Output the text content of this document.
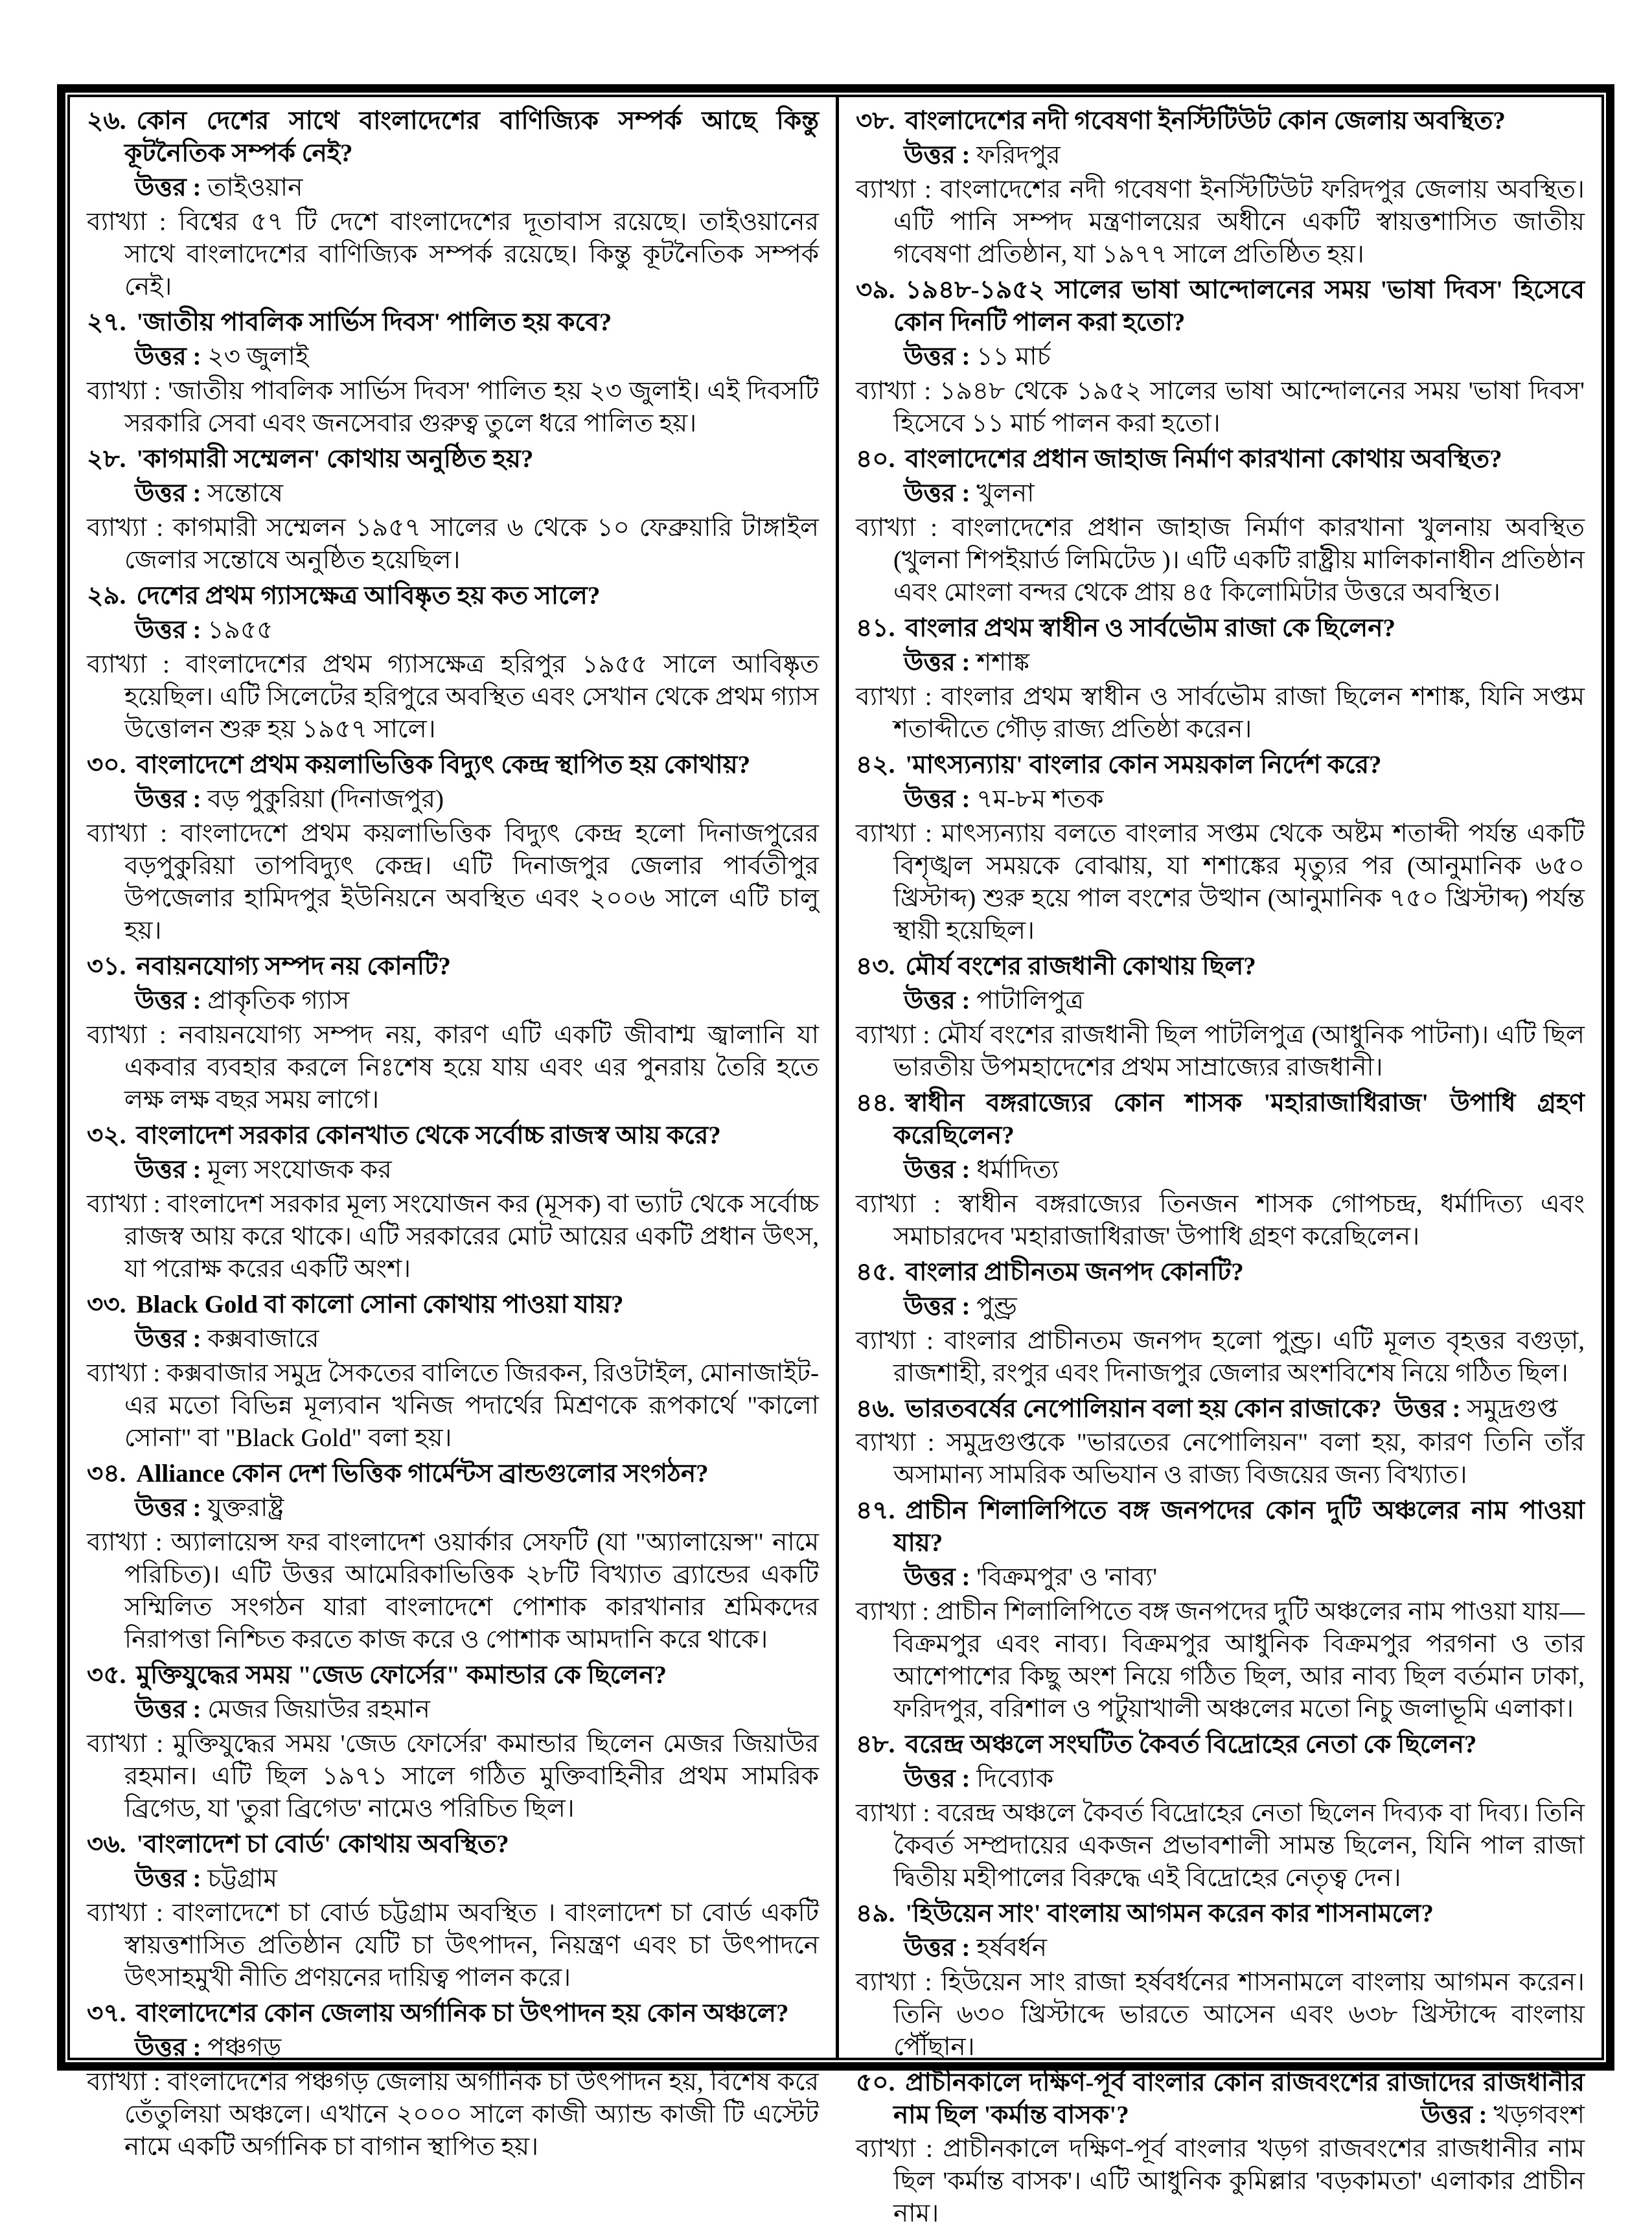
২৬. কোন দেশের সাথে বাংলাদেশের বাণিজ্যিক সম্পর্ক আছে কিন্তু কূটনৈতিক সম্পর্ক নেই?
উত্তর : তাইওয়ান
ব্যাখ্যা : বিশ্বের ৫৭ টি দেশে বাংলাদেশের দূতাবাস রয়েছে। তাইওয়ানের সাথে বাংলাদেশের বাণিজ্যিক সম্পর্ক রয়েছে। কিন্তু কূটনৈতিক সম্পর্ক নেই।
২৭. 'জাতীয় পাবলিক সার্ভিস দিবস' পালিত হয় কবে?
উত্তর : ২৩ জুলাই
ব্যাখ্যা : 'জাতীয় পাবলিক সার্ভিস দিবস' পালিত হয় ২৩ জুলাই। এই দিবসটি সরকারি সেবা এবং জনসেবার গুরুত্ব তুলে ধরে পালিত হয়।
২৮. 'কাগমারী সম্মেলন' কোথায় অনুষ্ঠিত হয়?
উত্তর : সন্তোষে
ব্যাখ্যা : কাগমারী সম্মেলন ১৯৫৭ সালের ৬ থেকে ১০ ফেব্রুয়ারি টাঙ্গাইল জেলার সন্তোষে অনুষ্ঠিত হয়েছিল।
২৯. দেশের প্রথম গ্যাসক্ষেত্র আবিষ্কৃত হয় কত সালে?
উত্তর : ১৯৫৫
ব্যাখ্যা : বাংলাদেশের প্রথম গ্যাসক্ষেত্র হরিপুর ১৯৫৫ সালে আবিষ্কৃত হয়েছিল। এটি সিলেটের হরিপুরে অবস্থিত এবং সেখান থেকে প্রথম গ্যাস উত্তোলন শুরু হয় ১৯৫৭ সালে।
৩০. বাংলাদেশে প্রথম কয়লাভিত্তিক বিদ্যুৎ কেন্দ্র স্থাপিত হয় কোথায়?
উত্তর : বড় পুকুরিয়া (দিনাজপুর)
ব্যাখ্যা : বাংলাদেশে প্রথম কয়লাভিত্তিক বিদ্যুৎ কেন্দ্র হলো দিনাজপুরের বড়পুকুরিয়া তাপবিদ্যুৎ কেন্দ্র। এটি দিনাজপুর জেলার পার্বতীপুর উপজেলার হামিদপুর ইউনিয়নে অবস্থিত এবং ২০০৬ সালে এটি চালু হয়।
৩১. নবায়নযোগ্য সম্পদ নয় কোনটি?
উত্তর : প্রাকৃতিক গ্যাস
ব্যাখ্যা : নবায়নযোগ্য সম্পদ নয়, কারণ এটি একটি জীবাশ্ম জ্বালানি যা একবার ব্যবহার করলে নিঃশেষ হয়ে যায় এবং এর পুনরায় তৈরি হতে লক্ষ লক্ষ বছর সময় লাগে।
৩২. বাংলাদেশ সরকার কোনখাত থেকে সর্বোচ্চ রাজস্ব আয় করে?
উত্তর : মূল্য সংযোজক কর
ব্যাখ্যা : বাংলাদেশ সরকার মূল্য সংযোজন কর (মূসক) বা ভ্যাট থেকে সর্বোচ্চ রাজস্ব আয় করে থাকে। এটি সরকারের মোট আয়ের একটি প্রধান উৎস, যা পরোক্ষ করের একটি অংশ।
৩৩. Black Gold বা কালো সোনা কোথায় পাওয়া যায়?
উত্তর : কক্সবাজারে
ব্যাখ্যা : কক্সবাজার সমুদ্র সৈকতের বালিতে জিরকন, রিওটাইল, মোনাজাইট-এর মতো বিভিন্ন মূল্যবান খনিজ পদার্থের মিশ্রণকে রূপকার্থে "কালো সোনা" বা "Black Gold" বলা হয়।
৩৪. Alliance কোন দেশ ভিত্তিক গার্মেন্টস ব্রান্ডগুলোর সংগঠন?
উত্তর : যুক্তরাষ্ট্র
ব্যাখ্যা : অ্যালায়েন্স ফর বাংলাদেশ ওয়ার্কার সেফটি (যা "অ্যালায়েন্স" নামে পরিচিত)। এটি উত্তর আমেরিকাভিত্তিক ২৮টি বিখ্যাত ব্র্যান্ডের একটি সম্মিলিত সংগঠন যারা বাংলাদেশে পোশাক কারখানার শ্রমিকদের নিরাপত্তা নিশ্চিত করতে কাজ করে ও পোশাক আমদানি করে থাকে।
৩৫. মুক্তিযুদ্ধের সময় "জেড ফোর্সের" কমান্ডার কে ছিলেন?
উত্তর : মেজর জিয়াউর রহমান
ব্যাখ্যা : মুক্তিযুদ্ধের সময় 'জেড ফোর্সের' কমান্ডার ছিলেন মেজর জিয়াউর রহমান। এটি ছিল ১৯৭১ সালে গঠিত মুক্তিবাহিনীর প্রথম সামরিক ব্রিগেড, যা 'তুরা ব্রিগেড' নামেও পরিচিত ছিল।
৩৬. 'বাংলাদেশ চা বোর্ড' কোথায় অবস্থিত?
উত্তর : চট্টগ্রাম
ব্যাখ্যা : বাংলাদেশে চা বোর্ড চট্টগ্রাম অবস্থিত । বাংলাদেশ চা বোর্ড একটি স্বায়ত্তশাসিত প্রতিষ্ঠান যেটি চা উৎপাদন, নিয়ন্ত্রণ এবং চা উৎপাদনে উৎসাহমুখী নীতি প্রণয়নের দায়িত্ব পালন করে।
৩৭. বাংলাদেশের কোন জেলায় অর্গানিক চা উৎপাদন হয় কোন অঞ্চলে?
উত্তর : পঞ্চগড়
ব্যাখ্যা : বাংলাদেশের পঞ্চগড় জেলায় অর্গানিক চা উৎপাদন হয়, বিশেষ করে তেঁতুলিয়া অঞ্চলে। এখানে ২০০০ সালে কাজী অ্যান্ড কাজী টি এস্টেট নামে একটি অর্গানিক চা বাগান স্থাপিত হয়।
৩৮. বাংলাদেশের নদী গবেষণা ইনস্টিটিউট কোন জেলায় অবস্থিত?
উত্তর : ফরিদপুর
ব্যাখ্যা : বাংলাদেশের নদী গবেষণা ইনস্টিটিউট ফরিদপুর জেলায় অবস্থিত। এটি পানি সম্পদ মন্ত্রণালয়ের অধীনে একটি স্বায়ত্তশাসিত জাতীয় গবেষণা প্রতিষ্ঠান, যা ১৯৭৭ সালে প্রতিষ্ঠিত হয়।
৩৯. ১৯৪৮-১৯৫২ সালের ভাষা আন্দোলনের সময় 'ভাষা দিবস' হিসেবে কোন দিনটি পালন করা হতো?
উত্তর : ১১ মার্চ
ব্যাখ্যা : ১৯৪৮ থেকে ১৯৫২ সালের ভাষা আন্দোলনের সময় 'ভাষা দিবস' হিসেবে ১১ মার্চ পালন করা হতো।
৪০. বাংলাদেশের প্রধান জাহাজ নির্মাণ কারখানা কোথায় অবস্থিত?
উত্তর : খুলনা
ব্যাখ্যা : বাংলাদেশের প্রধান জাহাজ নির্মাণ কারখানা খুলনায় অবস্থিত (খুলনা শিপইয়ার্ড লিমিটেড )। এটি একটি রাষ্ট্রীয় মালিকানাধীন প্রতিষ্ঠান এবং মোংলা বন্দর থেকে প্রায় ৪৫ কিলোমিটার উত্তরে অবস্থিত।
৪১. বাংলার প্রথম স্বাধীন ও সার্বভৌম রাজা কে ছিলেন?
উত্তর : শশাঙ্ক
ব্যাখ্যা : বাংলার প্রথম স্বাধীন ও সার্বভৌম রাজা ছিলেন শশাঙ্ক, যিনি সপ্তম শতাব্দীতে গৌড় রাজ্য প্রতিষ্ঠা করেন।
৪২. 'মাৎস্যন্যায়' বাংলার কোন সময়কাল নির্দেশ করে?
উত্তর : ৭ম-৮ম শতক
ব্যাখ্যা : মাৎস্যন্যায় বলতে বাংলার সপ্তম থেকে অষ্টম শতাব্দী পর্যন্ত একটি বিশৃঙ্খল সময়কে বোঝায়, যা শশাঙ্কের মৃত্যুর পর (আনুমানিক ৬৫০ খ্রিস্টাব্দ) শুরু হয়ে পাল বংশের উত্থান (আনুমানিক ৭৫০ খ্রিস্টাব্দ) পর্যন্ত স্থায়ী হয়েছিল।
৪৩. মৌর্য বংশের রাজধানী কোথায় ছিল?
উত্তর : পাটালিপুত্র
ব্যাখ্যা : মৌর্য বংশের রাজধানী ছিল পাটলিপুত্র (আধুনিক পাটনা)। এটি ছিল ভারতীয় উপমহাদেশের প্রথম সাম্রাজ্যের রাজধানী।
৪৪. স্বাধীন বঙ্গরাজ্যের কোন শাসক 'মহারাজাধিরাজ' উপাধি গ্রহণ করেছিলেন?
উত্তর : ধর্মাদিত্য
ব্যাখ্যা : স্বাধীন বঙ্গরাজ্যের তিনজন শাসক গোপচন্দ্র, ধর্মাদিত্য এবং সমাচারদেব 'মহারাজাধিরাজ' উপাধি গ্রহণ করেছিলেন।
৪৫. বাংলার প্রাচীনতম জনপদ কোনটি?
উত্তর : পুণ্ড্র
ব্যাখ্যা : বাংলার প্রাচীনতম জনপদ হলো পুণ্ড্র। এটি মূলত বৃহত্তর বগুড়া, রাজশাহী, রংপুর এবং দিনাজপুর জেলার অংশবিশেষ নিয়ে গঠিত ছিল।
৪৬. ভারতবর্ষের নেপোলিয়ান বলা হয় কোন রাজাকে? উত্তর : সমুদ্রগুপ্ত
ব্যাখ্যা : সমুদ্রগুপ্তকে "ভারতের নেপোলিয়ন" বলা হয়, কারণ তিনি তাঁর অসামান্য সামরিক অভিযান ও রাজ্য বিজয়ের জন্য বিখ্যাত।
৪৭. প্রাচীন শিলালিপিতে বঙ্গ জনপদের কোন দুটি অঞ্চলের নাম পাওয়া যায়?
উত্তর : 'বিক্রমপুর' ও 'নাব্য'
ব্যাখ্যা : প্রাচীন শিলালিপিতে বঙ্গ জনপদের দুটি অঞ্চলের নাম পাওয়া যায়— বিক্রমপুর এবং নাব্য। বিক্রমপুর আধুনিক বিক্রমপুর পরগনা ও তার আশেপাশের কিছু অংশ নিয়ে গঠিত ছিল, আর নাব্য ছিল বর্তমান ঢাকা, ফরিদপুর, বরিশাল ও পটুয়াখালী অঞ্চলের মতো নিচু জলাভূমি এলাকা।
৪৮. বরেন্দ্র অঞ্চলে সংঘটিত কৈবর্ত বিদ্রোহের নেতা কে ছিলেন?
উত্তর : দিব্যোক
ব্যাখ্যা : বরেন্দ্র অঞ্চলে কৈবর্ত বিদ্রোহের নেতা ছিলেন দিব্যক বা দিব্য। তিনি কৈবর্ত সম্প্রদায়ের একজন প্রভাবশালী সামন্ত ছিলেন, যিনি পাল রাজা দ্বিতীয় মহীপালের বিরুদ্ধে এই বিদ্রোহের নেতৃত্ব দেন।
৪৯. 'হিউয়েন সাং' বাংলায় আগমন করেন কার শাসনামলে?
উত্তর : হর্ষবর্ধন
ব্যাখ্যা : হিউয়েন সাং রাজা হর্ষবর্ধনের শাসনামলে বাংলায় আগমন করেন। তিনি ৬৩০ খ্রিস্টাব্দে ভারতে আসেন এবং ৬৩৮ খ্রিস্টাব্দে বাংলায় পৌঁছান।
৫০. প্রাচীনকালে দক্ষিণ-পূর্ব বাংলার কোন রাজবংশের রাজাদের রাজধানীর নাম ছিল 'কর্মান্ত বাসক'?	উত্তর : খড়গবংশ
ব্যাখ্যা : প্রাচীনকালে দক্ষিণ-পূর্ব বাংলার খড়গ রাজবংশের রাজধানীর নাম ছিল 'কর্মান্ত বাসক'। এটি আধুনিক কুমিল্লার 'বড়কামতা' এলাকার প্রাচীন নাম।
